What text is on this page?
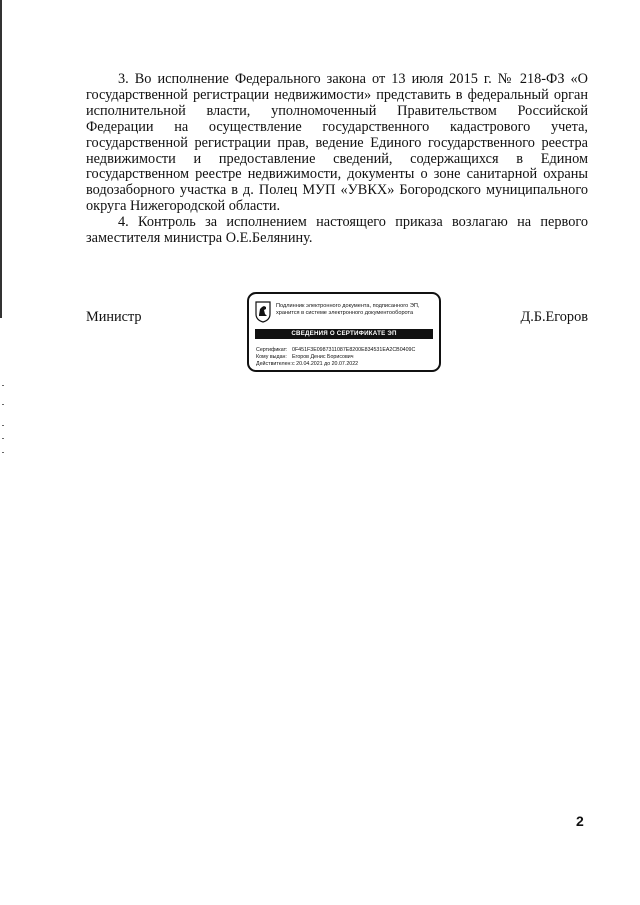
3. Во исполнение Федерального закона от 13 июля 2015 г. № 218-ФЗ «О государственной регистрации недвижимости» представить в федеральный орган исполнительной власти, уполномоченный Правительством Российской Федерации на осуществление государственного кадастрового учета, государственной регистрации прав, ведение Единого государственного реестра недвижимости и предоставление сведений, содержащихся в Едином государственном реестре недвижимости, документы о зоне санитарной охраны водозаборного участка в д. Полец МУП «УВКХ» Богородского муниципального округа Нижегородской области.

4. Контроль за исполнением настоящего приказа возлагаю на первого заместителя министра О.Е.Белянину.

Министр	Д.Б.Егоров
Подлинник электронного документа, подписанного ЭП,
хранится в системе электронного документооборота
СВЕДЕНИЯ О СЕРТИФИКАТЕ ЭП
Сертификат: 0F451F3E0987311087E8200E834531EA2CB0409C
Кому выдан: Егоров Денис Борисович
Действителен:с 20.04.2021 до 20.07.2022
2
